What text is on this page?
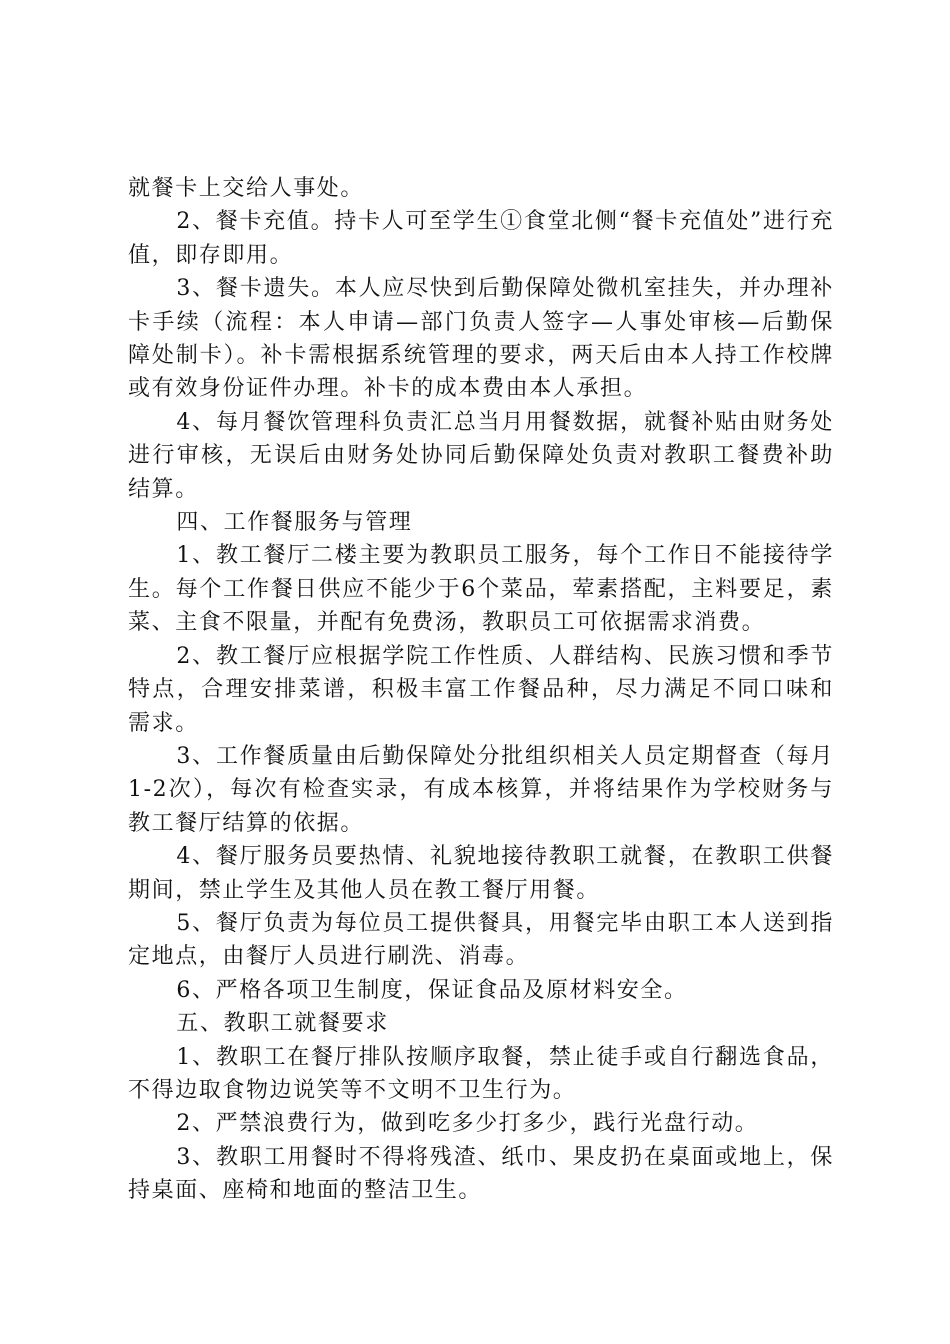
就餐卡上交给人事处。

2、餐卡充值。持卡人可至学生①食堂北侧“餐卡充值处”进行充值，即存即用。

3、餐卡遗失。本人应尽快到后勤保障处微机室挂失，并办理补卡手续（流程：本人申请—部门负责人签字—人事处审核—后勤保障处制卡）。补卡需根据系统管理的要求，两天后由本人持工作校牌或有效身份证件办理。补卡的成本费由本人承担。

4、每月餐饮管理科负责汇总当月用餐数据，就餐补贴由财务处进行审核，无误后由财务处协同后勤保障处负责对教职工餐费补助结算。

四、工作餐服务与管理

1、教工餐厅二楼主要为教职员工服务，每个工作日不能接待学生。每个工作餐日供应不能少于6个菜品，荤素搭配，主料要足，素菜、主食不限量，并配有免费汤，教职员工可依据需求消费。

2、教工餐厅应根据学院工作性质、人群结构、民族习惯和季节特点，合理安排菜谱，积极丰富工作餐品种，尽力满足不同口味和需求。

3、工作餐质量由后勤保障处分批组织相关人员定期督查（每月1-2次），每次有检查实录，有成本核算，并将结果作为学校财务与教工餐厅结算的依据。

4、餐厅服务员要热情、礼貌地接待教职工就餐，在教职工供餐期间，禁止学生及其他人员在教工餐厅用餐。

5、餐厅负责为每位员工提供餐具，用餐完毕由职工本人送到指定地点，由餐厅人员进行刷洗、消毒。

6、严格各项卫生制度，保证食品及原材料安全。

五、教职工就餐要求

1、教职工在餐厅排队按顺序取餐，禁止徒手或自行翻选食品，不得边取食物边说笑等不文明不卫生行为。

2、严禁浪费行为，做到吃多少打多少，践行光盘行动。

3、教职工用餐时不得将残渣、纸巾、果皮扔在桌面或地上，保持桌面、座椅和地面的整洁卫生。
